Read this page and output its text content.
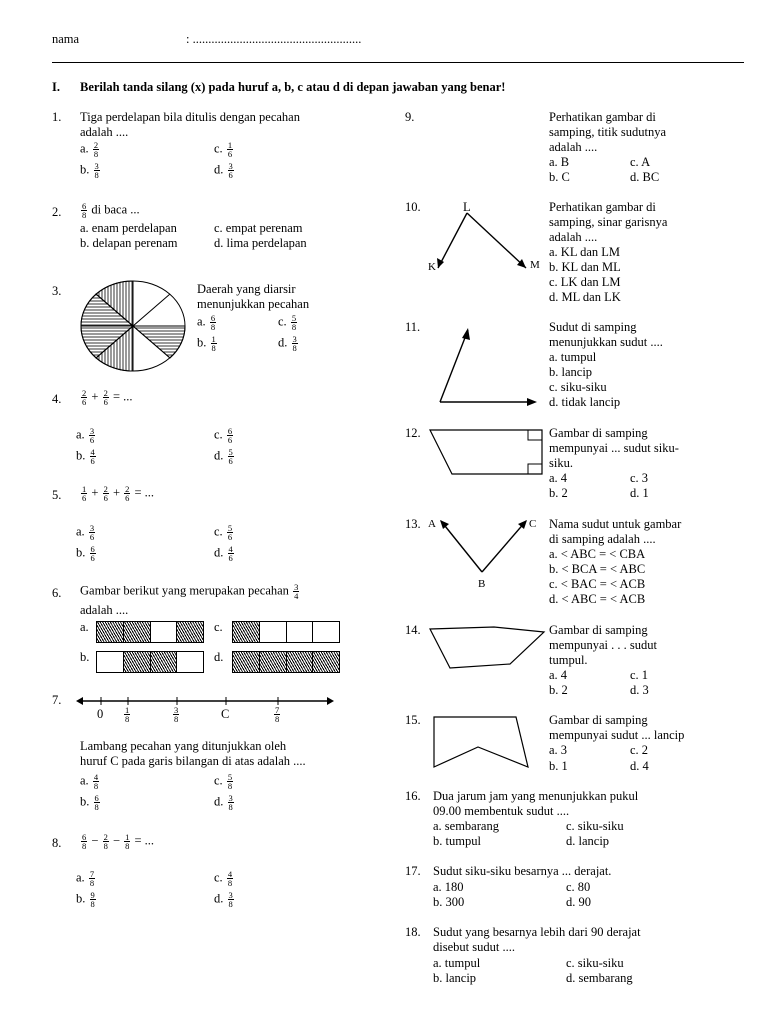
nama	: ......................................................
I. Berilah tanda silang (x) pada huruf a, b, c atau d di depan jawaban yang benar!
1. Tiga perdelapan bila ditulis dengan pecahan
adalah ....
a. $\frac{2}{8}$
b. $\frac{3}{8}$
c. $\frac{1}{6}$
d. $\frac{3}{6}$
2. $\frac{6}{8}$ di baca ...
a. enam perdelapan
b. delapan perenam
c. empat perenam
d. lima perdelapan
3.	Daerah yang diarsir
menunjukkan pecahan
a. $\frac{6}{8}$
b. $\frac{1}{8}$
c. $\frac{5}{8}$
d. $\frac{3}{8}$
4. $\frac{2}{6} + \frac{2}{6}$ = ...
a. $\frac{3}{6}$
b. $\frac{4}{6}$
c. $\frac{6}{6}$
d. $\frac{5}{6}$
5. $\frac{1}{6} + \frac{2}{6} + \frac{2}{6}$ = ...
a. $\frac{3}{6}$
b. $\frac{6}{6}$
c. $\frac{5}{6}$
d. $\frac{4}{6}$
6. Gambar berikut yang merupakan pecahan $\frac{3}{4}$
adalah ....
a.
b.
c.
d.
7.
$0 \frac{1}{8}$	$\frac{3}{8}$	C	$\frac{7}{8}$
Lambang pecahan yang ditunjukkan oleh
huruf C pada garis bilangan di atas adalah ....
a. $\frac{4}{8}$
b. $\frac{6}{8}$
c. $\frac{5}{8}$
d. $\frac{3}{8}$
8. $\frac{6}{8} - \frac{2}{8} - \frac{1}{8}$ = ...
a. $\frac{7}{8}$
b. $\frac{9}{8}$
c. $\frac{4}{8}$
d. $\frac{3}{8}$
9.	Perhatikan gambar di
samping, titik sudutnya
adalah ....
a. B
b. C
c. A
d. BC
10.	L
K	M
Perhatikan gambar di
samping, sinar garisnya
adalah ....
a. KL dan LM
b. KL dan ML
c. LK dan LM
d. ML dan LK
11.	Sudut di samping
menunjukkan sudut ....
a. tumpul
b. lancip
c. siku-siku
d. tidak lancip
12.	Gambar di samping
mempunyai ... sudut siku-
siku.
a. 4
b. 2
c. 3
d. 1
13. A
B
C Nama sudut untuk gambar
di samping adalah ....
a. < ABC = < CBA
b. < BCA = < ABC
c. < BAC = < ACB
d. < ABC = < ACB
14.	Gambar di samping
mempunyai . . . sudut
tumpul.
a. 4
b. 2
c. 1
d. 3
15.	Gambar di samping
mempunyai sudut ... lancip
a. 3
b. 1
c. 2
d. 4
16. Dua jarum jam yang menunjukkan pukul
09.00 membentuk sudut ....
a. sembarang
b. tumpul
c. siku-siku
d. lancip
17. Sudut siku-siku besarnya ... derajat.
a. 180
b. 300
c. 80
d. 90
18. Sudut yang besarnya lebih dari 90 derajat
disebut sudut ....
a. tumpul
b. lancip
c. siku-siku
d. sembarang
